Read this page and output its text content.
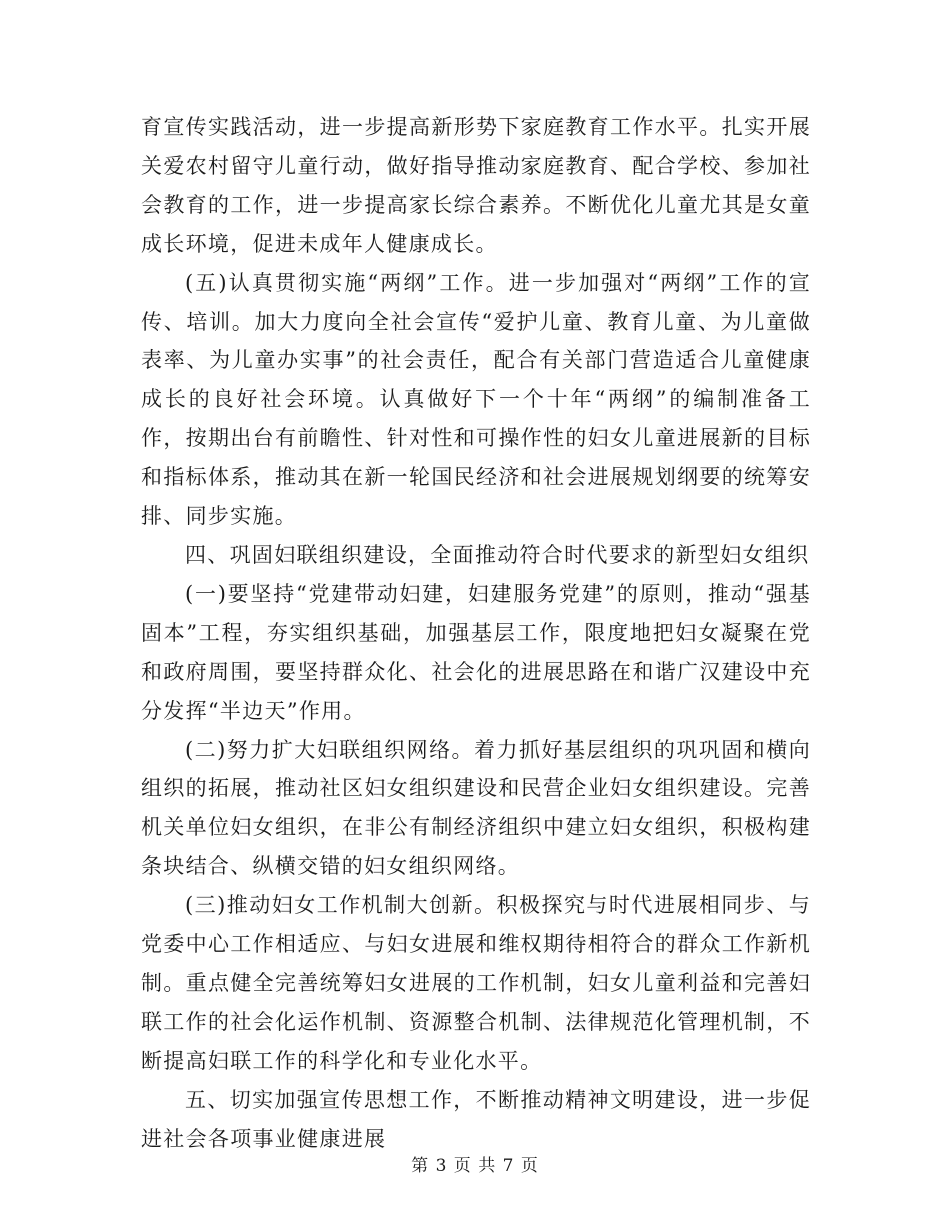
育宣传实践活动，进一步提高新形势下家庭教育工作水平。扎实开展关爱农村留守儿童行动，做好指导推动家庭教育、配合学校、参加社会教育的工作，进一步提高家长综合素养。不断优化儿童尤其是女童成长环境，促进未成年人健康成长。

(五)认真贯彻实施“两纲”工作。进一步加强对“两纲”工作的宣传、培训。加大力度向全社会宣传“爱护儿童、教育儿童、为儿童做表率、为儿童办实事”的社会责任，配合有关部门营造适合儿童健康成长的良好社会环境。认真做好下一个十年“两纲”的编制准备工作，按期出台有前瞻性、针对性和可操作性的妇女儿童进展新的目标和指标体系，推动其在新一轮国民经济和社会进展规划纲要的统筹安排、同步实施。

四、巩固妇联组织建设，全面推动符合时代要求的新型妇女组织

(一)要坚持“党建带动妇建，妇建服务党建”的原则，推动“强基固本”工程，夯实组织基础，加强基层工作，限度地把妇女凝聚在党和政府周围，要坚持群众化、社会化的进展思路在和谐广汉建设中充分发挥“半边天”作用。

(二)努力扩大妇联组织网络。着力抓好基层组织的巩巩固和横向组织的拓展，推动社区妇女组织建设和民营企业妇女组织建设。完善机关单位妇女组织，在非公有制经济组织中建立妇女组织，积极构建条块结合、纵横交错的妇女组织网络。

(三)推动妇女工作机制大创新。积极探究与时代进展相同步、与党委中心工作相适应、与妇女进展和维权期待相符合的群众工作新机制。重点健全完善统筹妇女进展的工作机制，妇女儿童利益和完善妇联工作的社会化运作机制、资源整合机制、法律规范化管理机制，不断提高妇联工作的科学化和专业化水平。

五、切实加强宣传思想工作，不断推动精神文明建设，进一步促进社会各项事业健康进展

第 3 页 共 7 页
